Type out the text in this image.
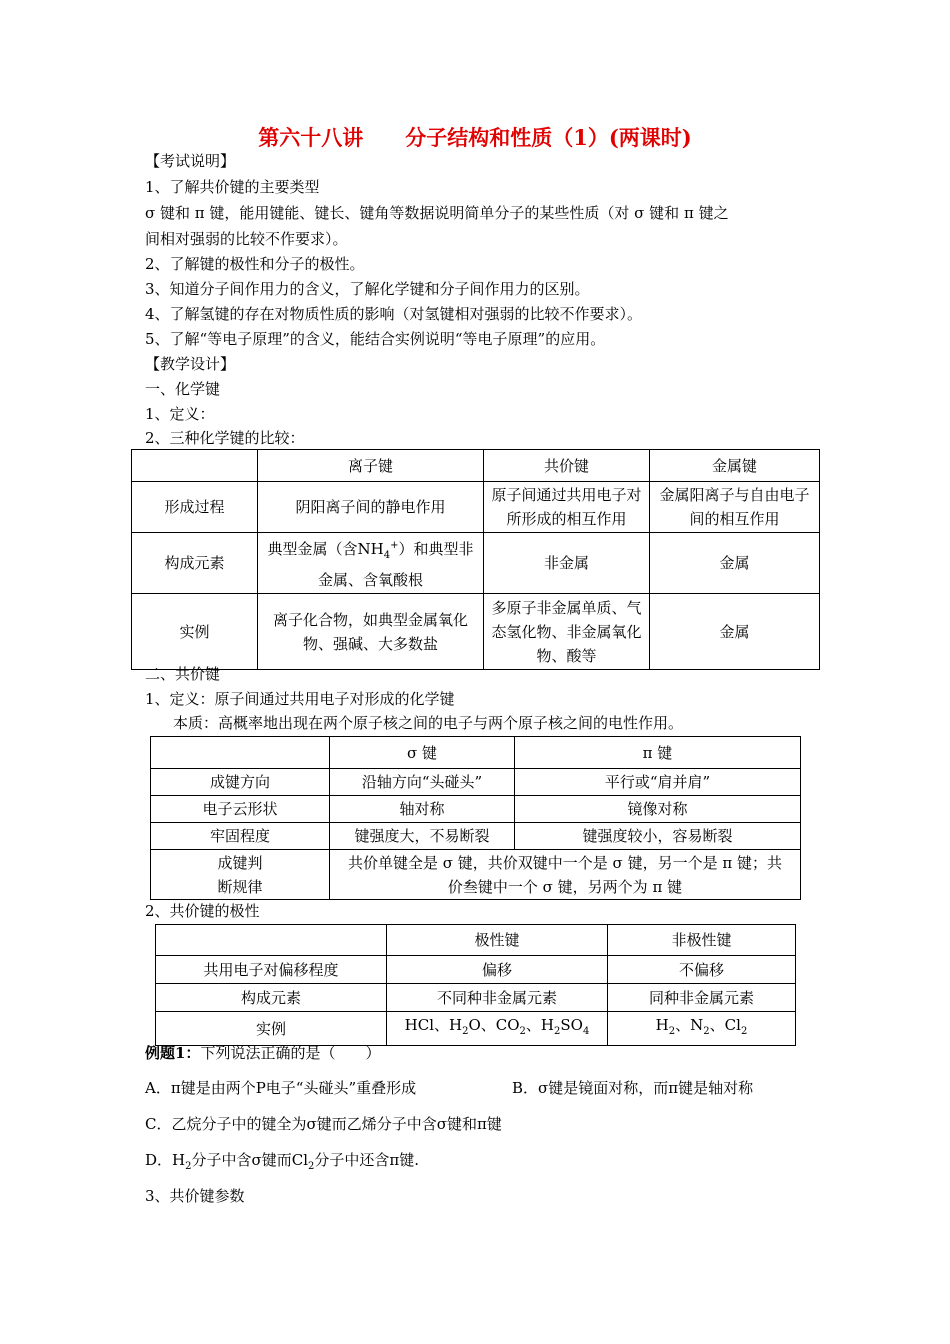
第六十八讲　　分子结构和性质（1）(两课时)
【考试说明】
1、了解共价键的主要类型
σ 键和 π 键，能用键能、键长、键角等数据说明简单分子的某些性质（对 σ 键和 π 键之
间相对强弱的比较不作要求）。
2、了解键的极性和分子的极性。
3、知道分子间作用力的含义，了解化学键和分子间作用力的区别。
4、了解氢键的存在对物质性质的影响（对氢键相对强弱的比较不作要求）。
5、了解“等电子原理”的含义，能结合实例说明“等电子原理”的应用。
【教学设计】
一、化学键
1、定义：
2、三种化学键的比较：
	离子键	共价键	金属键
形成过程	阴阳离子间的静电作用	原子间通过共用电子对所形成的相互作用	金属阳离子与自由电子间的相互作用
构成元素	典型金属（含$NH_4^+$）和典型非金属、含氧酸根	非金属	金属
实例	离子化合物，如典型金属氧化物、强碱、大多数盐	多原子非金属单质、气态氢化物、非金属氧化物、酸等	金属
二、共价键
1、定义：原子间通过共用电子对形成的化学键
本质：高概率地出现在两个原子核之间的电子与两个原子核之间的电性作用。
	σ 键	π 键
成键方向	沿轴方向“头碰头”	平行或“肩并肩”
电子云形状	轴对称	镜像对称
牢固程度	键强度大，不易断裂	键强度较小，容易断裂
成键判断规律	共价单键全是 σ 键，共价双键中一个是 σ 键，另一个是 π 键；共价叁键中一个 σ 键，另两个为 π 键	
2、共价键的极性
	极性键	非极性键
共用电子对偏移程度	偏移	不偏移
构成元素	不同种非金属元素	同种非金属元素
实例	HCl、$H_2O$、$CO_2$、$H_2SO_4$	$H_2$、$N_2$、$Cl_2$
例题1：下列说法正确的是（　　）
A．π键是由两个P电子“头碰头”重叠形成	B．σ键是镜面对称，而π键是轴对称
C．乙烷分子中的键全为σ键而乙烯分子中含σ键和π键
D．$H_2$分子中含σ键而$Cl_2$分子中还含π键.
3、共价键参数
